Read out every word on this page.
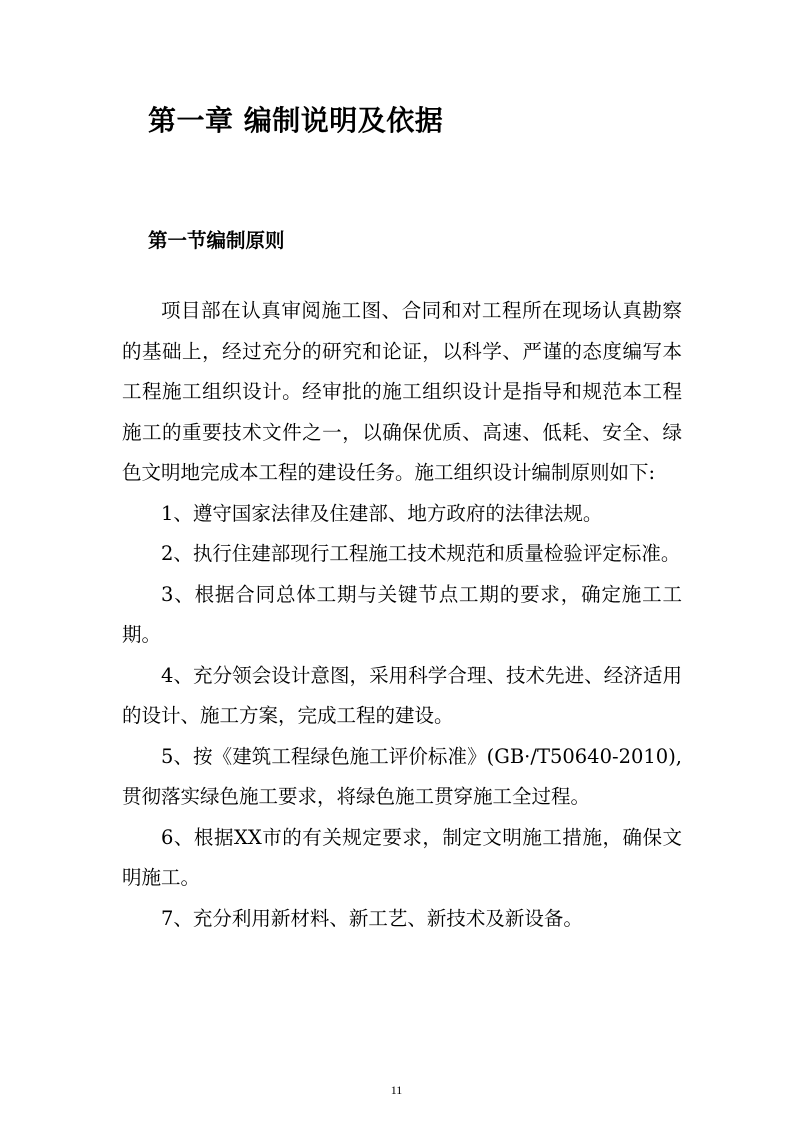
第一章 编制说明及依据
第一节编制原则

项目部在认真审阅施工图、合同和对工程所在现场认真勘察的基础上，经过充分的研究和论证，以科学、严谨的态度编写本工程施工组织设计。经审批的施工组织设计是指导和规范本工程施工的重要技术文件之一，以确保优质、高速、低耗、安全、绿色文明地完成本工程的建设任务。施工组织设计编制原则如下:

1、遵守国家法律及住建部、地方政府的法律法规。

2、执行住建部现行工程施工技术规范和质量检验评定标准。

3、根据合同总体工期与关键节点工期的要求，确定施工工期。

4、充分领会设计意图，采用科学合理、技术先进、经济适用的设计、施工方案，完成工程的建设。

5、按《建筑工程绿色施工评价标准》(GB·/T50640-2010),贯彻落实绿色施工要求，将绿色施工贯穿施工全过程。

6、根据XX市的有关规定要求，制定文明施工措施，确保文明施工。

7、充分利用新材料、新工艺、新技术及新设备。

11
